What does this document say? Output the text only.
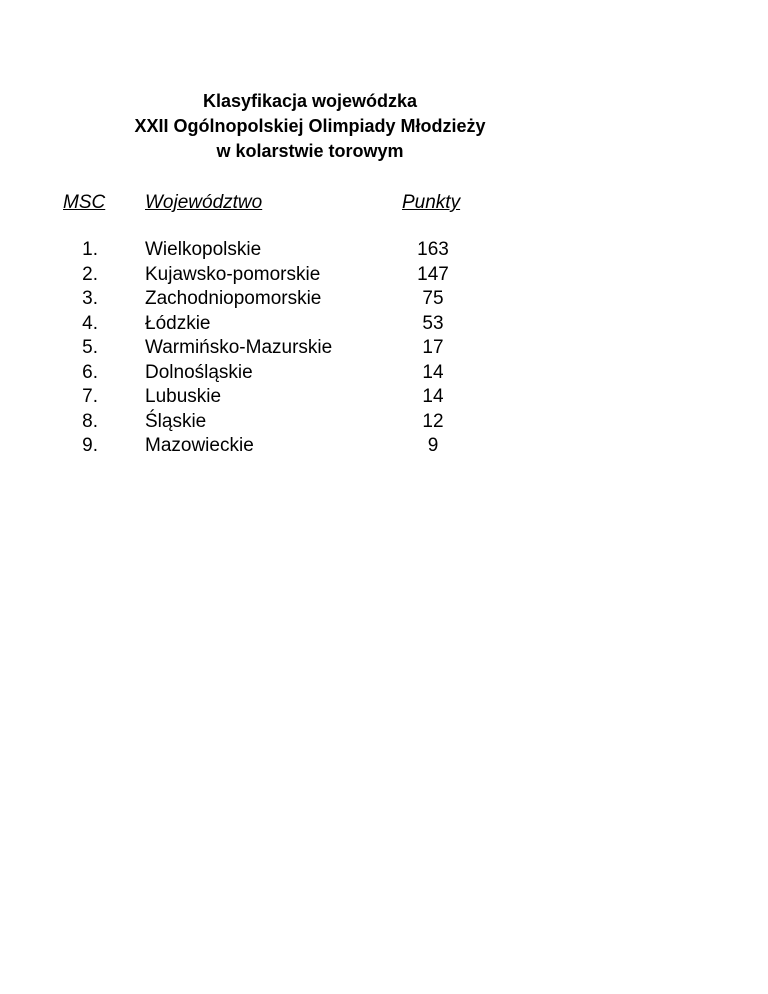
Klasyfikacja wojewódzka
XXII Ogólnopolskiej Olimpiady Młodzieży
w kolarstwie torowym
MSC Województwo	Punkty
1. Wielkopolskie	163
2. Kujawsko-pomorskie	147
3. Zachodniopomorskie	75
4. Łódzkie	53
5. Warmińsko-Mazurskie	17
6. Dolnośląskie	14
7. Lubuskie	14
8. Śląskie	12
9. Mazowieckie	9
